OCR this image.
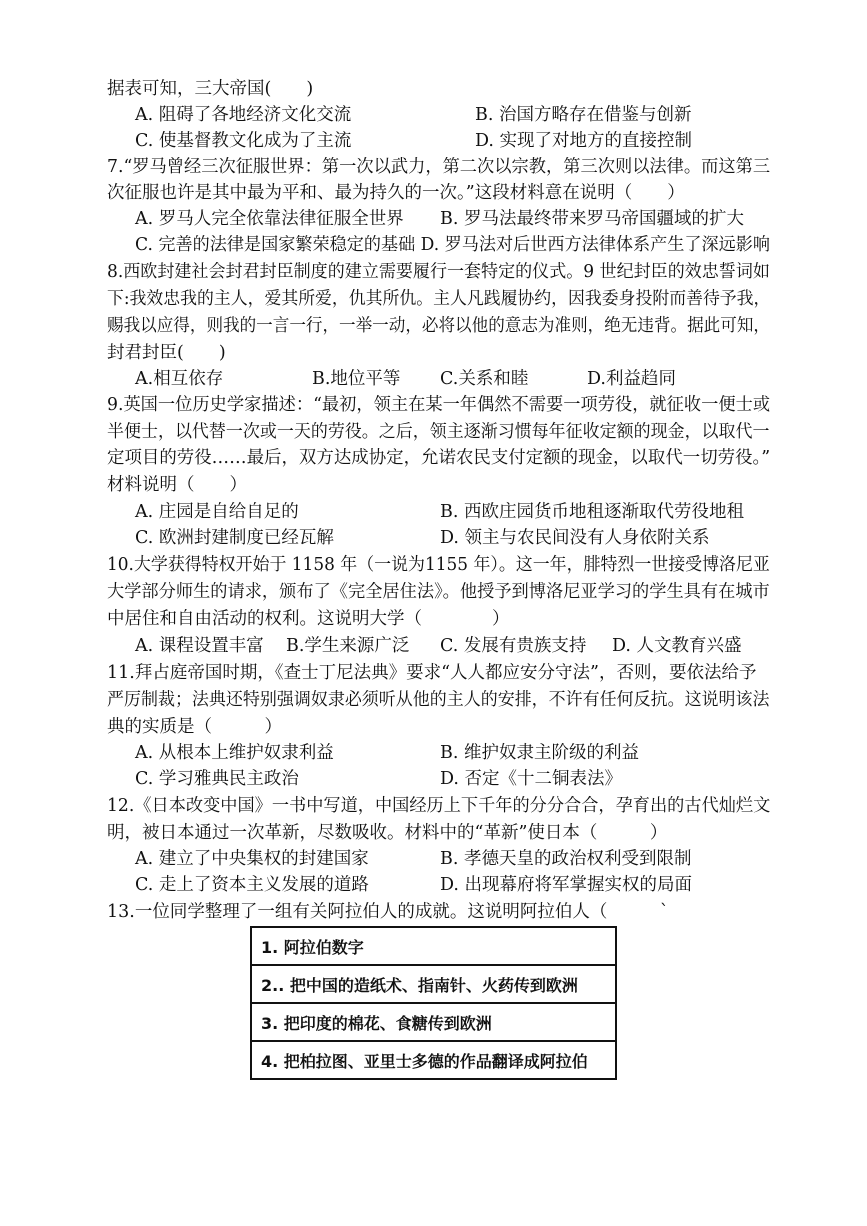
据表可知，三大帝国(　　)
A. 阻碍了各地经济文化交流	B. 治国方略存在借鉴与创新
C. 使基督教文化成为了主流	D. 实现了对地方的直接控制
7.“罗马曾经三次征服世界：第一次以武力，第二次以宗教，第三次则以法律。而这第三
次征服也许是其中最为平和、最为持久的一次。”这段材料意在说明（　　）
A. 罗马人完全依靠法律征服全世界 B. 罗马法最终带来罗马帝国疆域的扩大
C. 完善的法律是国家繁荣稳定的基础 D. 罗马法对后世西方法律体系产生了深远影响
8.西欧封建社会封君封臣制度的建立需要履行一套特定的仪式。9 世纪封臣的效忠誓词如
下:我效忠我的主人，爱其所爱，仇其所仇。主人凡践履协约，因我委身投附而善待予我，
赐我以应得，则我的一言一行，一举一动，必将以他的意志为准则，绝无违背。据此可知，
封君封臣(　　)
A.相互依存	B.地位平等 C.关系和睦	D.利益趋同
9.英国一位历史学家描述：“最初，领主在某一年偶然不需要一项劳役，就征收一便士或
半便士，以代替一次或一天的劳役。之后，领主逐渐习惯每年征收定额的现金，以取代一
定项目的劳役……最后，双方达成协定，允诺农民支付定额的现金，以取代一切劳役。”
材料说明（　　）
A. 庄园是自给自足的	B. 西欧庄园货币地租逐渐取代劳役地租
C. 欧洲封建制度已经瓦解	D. 领主与农民间没有人身依附关系
10.大学获得特权开始于 1158 年（一说为1155 年）。这一年，腓特烈一世接受博洛尼亚
大学部分师生的请求，颁布了《完全居住法》。他授予到博洛尼亚学习的学生具有在城市
中居住和自由活动的权利。这说明大学（　　　　）
A. 课程设置丰富 B.学生来源广泛 C. 发展有贵族支持 D. 人文教育兴盛
11.拜占庭帝国时期，《查士丁尼法典》要求“人人都应安分守法”，否则，要依法给予
严厉制裁；法典还特别强调奴隶必须听从他的主人的安排，不许有任何反抗。这说明该法
典的实质是（　　　）
A. 从根本上维护奴隶利益	B. 维护奴隶主阶级的利益
C. 学习雅典民主政治	D. 否定《十二铜表法》
12.《日本改变中国》一书中写道，中国经历上下千年的分分合合，孕育出的古代灿烂文
明，被日本通过一次革新，尽数吸收。材料中的“革新”使日本（　　　）
A. 建立了中央集权的封建国家	B. 孝德天皇的政治权利受到限制
C. 走上了资本主义发展的道路	D. 出现幕府将军掌握实权的局面
13.一位同学整理了一组有关阿拉伯人的成就。这说明阿拉伯人（　　　`
1. 阿拉伯数字
2.. 把中国的造纸术、指南针、火药传到欧洲
3. 把印度的棉花、食糖传到欧洲
4. 把柏拉图、亚里士多德的作品翻译成阿拉伯
